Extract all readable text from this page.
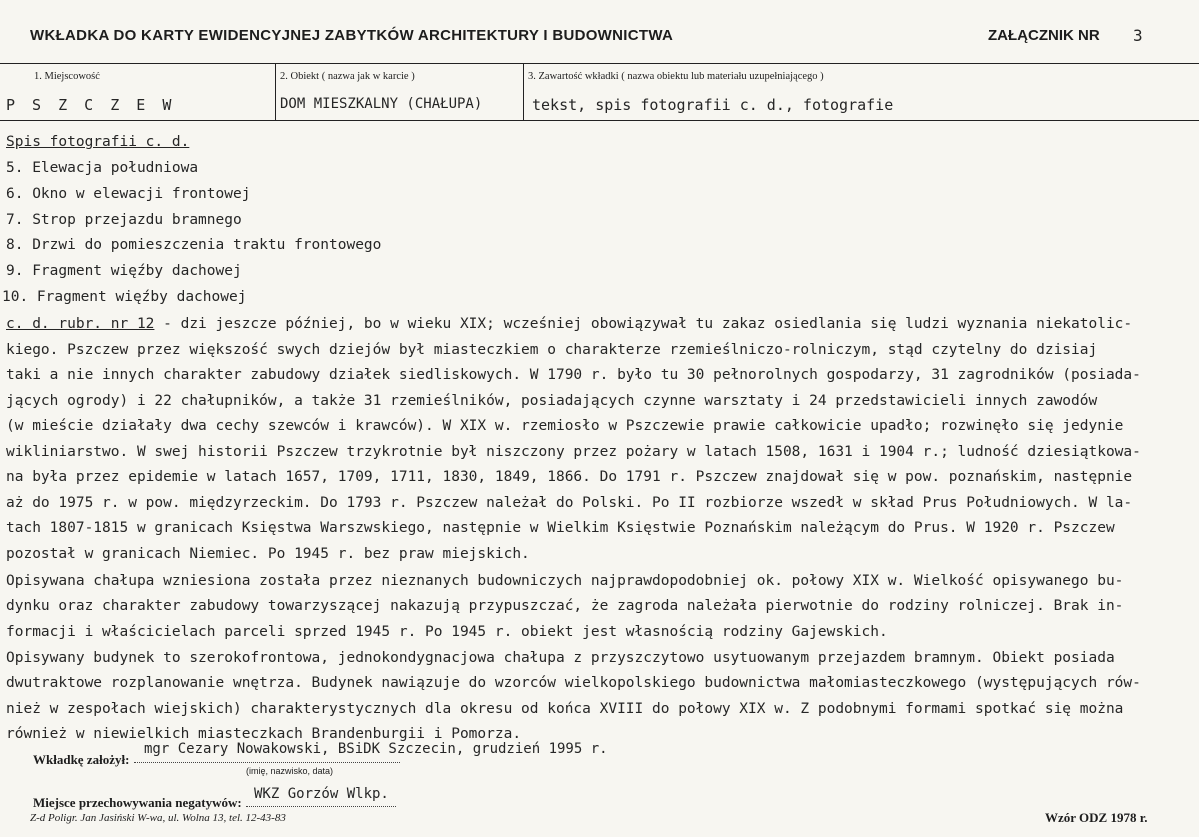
WKŁADKA DO KARTY EWIDENCYJNEJ ZABYTKÓW ARCHITEKTURY I BUDOWNICTWA	ZAŁĄCZNIK NR 3
1. Miejscowość	2. Obiekt ( nazwa jak w karcie )	3. Zawartość wkładki ( nazwa obiektu lub materiału uzupełniającego )
P S Z C Z E W	DOM MIESZKALNY (CHAŁUPA)	tekst, spis fotografii c. d., fotografie
Spis fotografii c. d.
5. Elewacja południowa
6. Okno w elewacji frontowej
7. Strop przejazdu bramnego
8. Drzwi do pomieszczenia traktu frontowego
9. Fragment więźby dachowej
10. Fragment więźby dachowej
c. d. rubr. nr 12 - dzi jeszcze później, bo w wieku XIX; wcześniej obowiązywał tu zakaz osiedlania się ludzi wyznania niekatolic-
kiego. Pszczew przez większość swych dziejów był miasteczkiem o charakterze rzemieślniczo-rolniczym, stąd czytelny do dzisiaj
taki a nie innych charakter zabudowy działek siedliskowych. W 1790 r. było tu 30 pełnorolnych gospodarzy, 31 zagrodników (posiada-
jących ogrody) i 22 chałupników, a także 31 rzemieślników, posiadających czynne warsztaty i 24 przedstawicieli innych zawodów
(w mieście działały dwa cechy szewców i krawców). W XIX w. rzemiosło w Pszczewie prawie całkowicie upadło; rozwinęło się jedynie
wikliniarstwo. W swej historii Pszczew trzykrotnie był niszczony przez pożary w latach 1508, 1631 i 1904 r.; ludność dziesiątkowa-
na była przez epidemie w latach 1657, 1709, 1711, 1830, 1849, 1866. Do 1791 r. Pszczew znajdował się w pow. poznańskim, następnie
aż do 1975 r. w pow. międzyrzeckim. Do 1793 r. Pszczew należał do Polski. Po II rozbiorze wszedł w skład Prus Południowych. W la-
tach 1807-1815 w granicach Księstwa Warszwskiego, następnie w Wielkim Księstwie Poznańskim należącym do Prus. W 1920 r. Pszczew
pozostał w granicach Niemiec. Po 1945 r. bez praw miejskich.
Opisywana chałupa wzniesiona została przez nieznanych budowniczych najprawdopodobniej ok. połowy XIX w. Wielkość opisywanego bu-
dynku oraz charakter zabudowy towarzyszącej nakazują przypuszczać, że zagroda należała pierwotnie do rodziny rolniczej. Brak in-
formacji i właścicielach parceli sprzed 1945 r. Po 1945 r. obiekt jest własnością rodziny Gajewskich.
Opisywany budynek to szerokofrontowa, jednokondygnacjowa chałupa z przyszczytowo usytuowanym przejazdem bramnym. Obiekt posiada
dwutraktowe rozplanowanie wnętrza. Budynek nawiązuje do wzorców wielkopolskiego budownictwa małomiasteczkowego (występujących rów-
nież w zespołach wiejskich) charakterystycznych dla okresu od końca XVIII do połowy XIX w. Z podobnymi formami spotkać się można
również w niewielkich miasteczkach Brandenburgii i Pomorza.
Wkładkę założył:
mgr Cezary Nowakowski, BSiDK Szczecin, grudzień 1995 r.
(imię, nazwisko, data)
Miejsce przechowywania negatywów:
WKZ Gorzów Wlkp.
Z-d Poligr. Jan Jasiński W-wa, ul. Wolna 13, tel. 12-43-83	Wzór ODZ 1978 r.
